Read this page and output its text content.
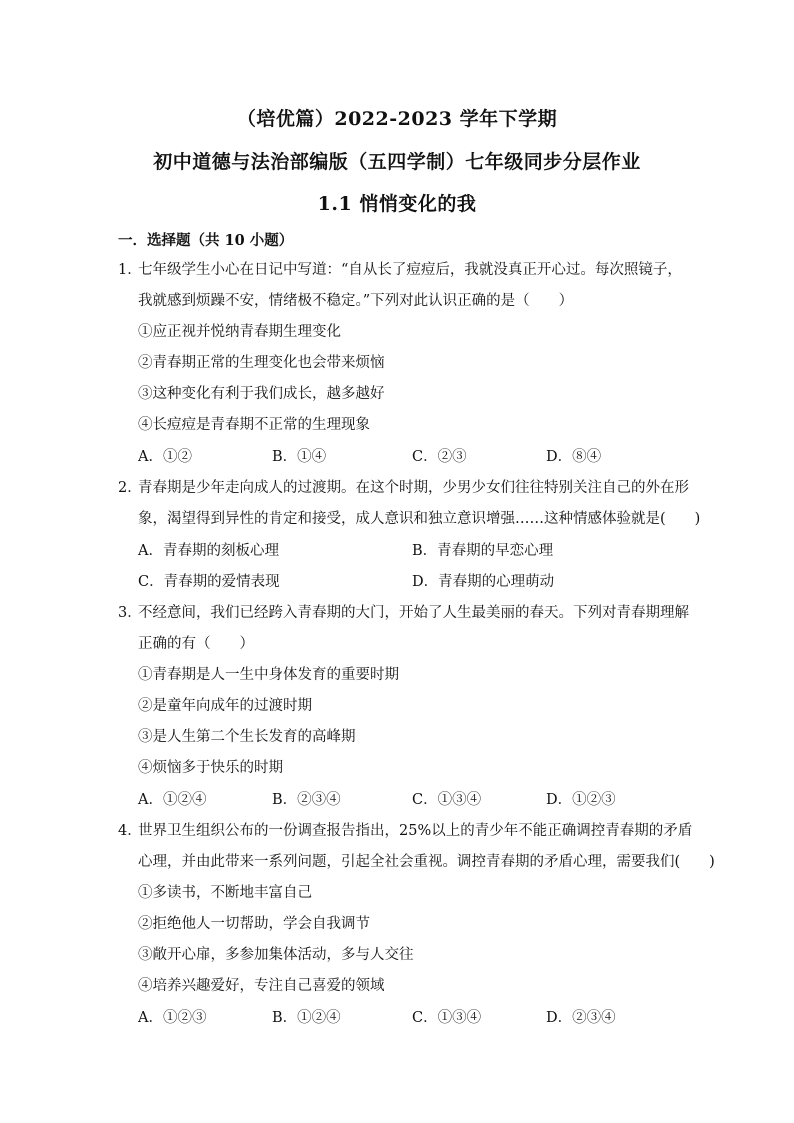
（培优篇）2022-2023 学年下学期
初中道德与法治部编版（五四学制）七年级同步分层作业
1.1 悄悄变化的我
一．选择题（共 10 小题）
1．
七年级学生小心在日记中写道：“自从长了痘痘后，我就没真正开心过。每次照镜子，
我就感到烦躁不安，情绪极不稳定。”下列对此认识正确的是（　　）
①应正视并悦纳青春期生理变化
②青春期正常的生理变化也会带来烦恼
③这种变化有利于我们成长，越多越好
④长痘痘是青春期不正常的生理现象
A．①②	B．①④	C．②③	D．⑧④
2．
青春期是少年走向成人的过渡期。在这个时期，少男少女们往往特别关注自己的外在形
象，渴望得到异性的肯定和接受，成人意识和独立意识增强……这种情感体验就是(　　)
A．青春期的刻板心理	B．青春期的早恋心理
C．青春期的爱情表现	D．青春期的心理萌动
3．
不经意间，我们已经跨入青春期的大门，开始了人生最美丽的春天。下列对青春期理解
正确的有（　　）
①青春期是人一生中身体发育的重要时期
②是童年向成年的过渡时期
③是人生第二个生长发育的高峰期
④烦恼多于快乐的时期
A．①②④	B．②③④	C．①③④	D．①②③
4．
世界卫生组织公布的一份调查报告指出，25%以上的青少年不能正确调控青春期的矛盾
心理，并由此带来一系列问题，引起全社会重视。调控青春期的矛盾心理，需要我们(　　)
①多读书，不断地丰富自己
②拒绝他人一切帮助，学会自我调节
③敞开心扉，多参加集体活动，多与人交往
④培养兴趣爱好，专注自己喜爱的领域
A．①②③	B．①②④	C．①③④	D．②③④
